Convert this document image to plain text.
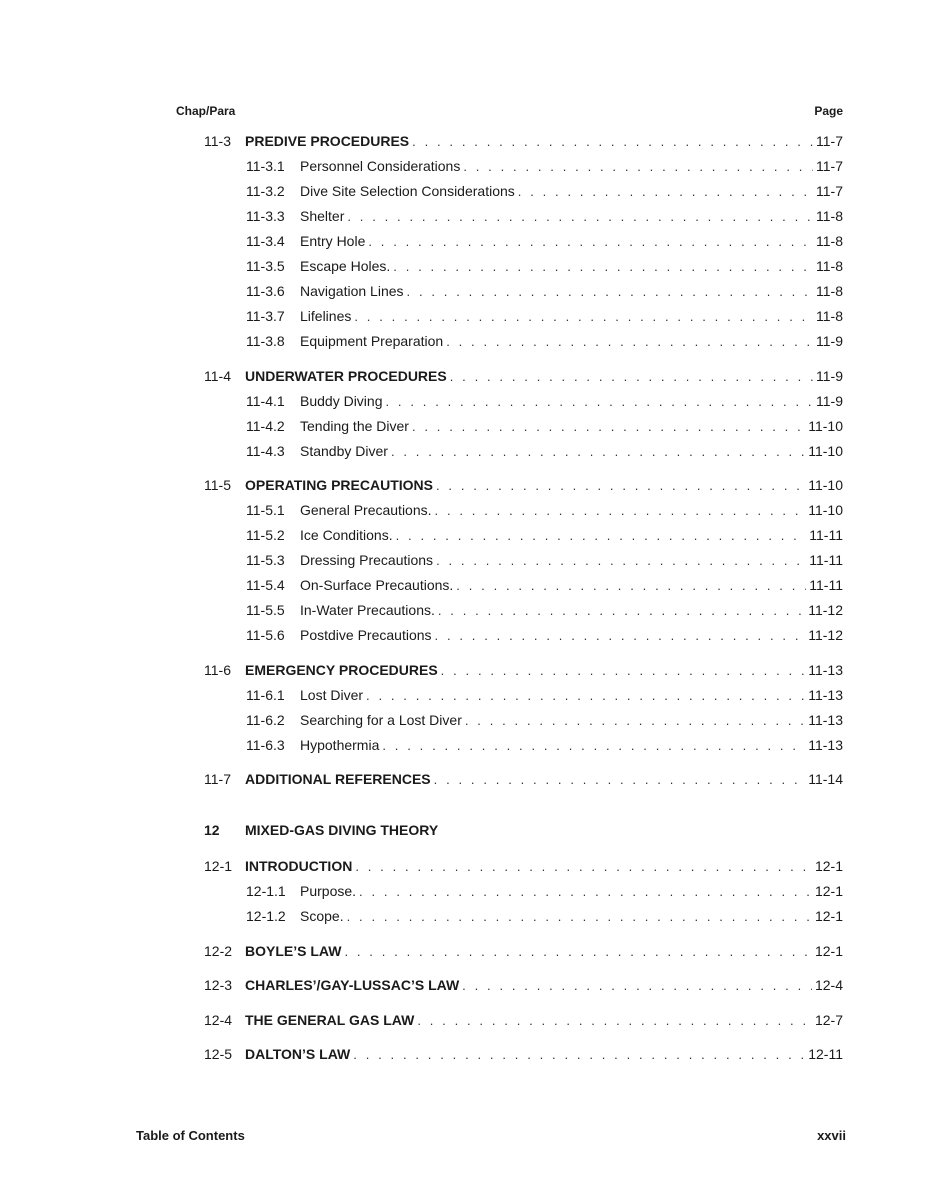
Chap/Para	Page
11-3	PREDIVE PROCEDURES . . .	11-7
11-3.1	Personnel Considerations . . .	11-7
11-3.2	Dive Site Selection Considerations . . .	11-7
11-3.3	Shelter . . .	11-8
11-3.4	Entry Hole . . .	11-8
11-3.5	Escape Holes. . . .	11-8
11-3.6	Navigation Lines . . .	11-8
11-3.7	Lifelines . . .	11-8
11-3.8	Equipment Preparation . . .	11-9
11-4	UNDERWATER PROCEDURES . . .	11-9
11-4.1	Buddy Diving . . .	11-9
11-4.2	Tending the Diver . . .	11-10
11-4.3	Standby Diver . . .	11-10
11-5	OPERATING PRECAUTIONS . . .	11-10
11-5.1	General Precautions. . . .	11-10
11-5.2	Ice Conditions. . . .	11-11
11-5.3	Dressing Precautions . . .	11-11
11-5.4	On-Surface Precautions. . . .	11-11
11-5.5	In-Water Precautions. . . .	11-12
11-5.6	Postdive Precautions . . .	11-12
11-6	EMERGENCY PROCEDURES . . .	11-13
11-6.1	Lost Diver . . .	11-13
11-6.2	Searching for a Lost Diver . . .	11-13
11-6.3	Hypothermia . . .	11-13
11-7	ADDITIONAL REFERENCES . . .	11-14
12 MIXED-GAS DIVING THEORY
12-1 INTRODUCTION . . .	12-1
12-1.1	Purpose. . . .	12-1
12-1.2	Scope. . . .	12-1
12-2 BOYLE’S LAW . . .	12-1
12-3 CHARLES’/GAY-LUSSAC’S LAW . . .	12-4
12-4 THE GENERAL GAS LAW . . .	12-7
12-5 DALTON’S LAW . . .	12-11
Table of Contents	xxvii
